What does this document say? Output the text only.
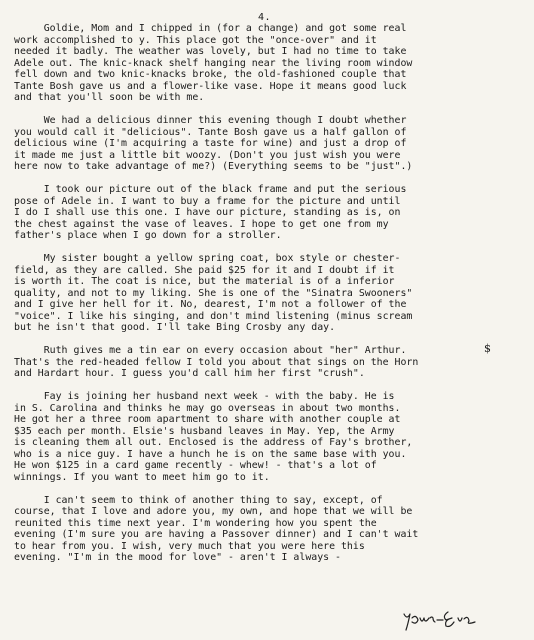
4.
Goldie, Mom and I chipped in (for a change) and got some real
work accomplished to y. This place got the "once-over" and it
needed it badly. The weather was lovely, but I had no time to take
Adele out. The knic-knack shelf hanging near the living room window
fell down and two knic-knacks broke, the old-fashioned couple that
Tante Bosh gave us and a flower-like vase. Hope it means good luck
and that you'll soon be with me.
We had a delicious dinner this evening though I doubt whether
you would call it "delicious". Tante Bosh gave us a half gallon of
delicious wine (I'm acquiring a taste for wine) and just a drop of
it made me just a little bit woozy. (Don't you just wish you were
here now to take advantage of me?) (Everything seems to be "just".)
I took our picture out of the black frame and put the serious
pose of Adele in. I want to buy a frame for the picture and until
I do I shall use this one. I have our picture, standing as is, on
the chest against the vase of leaves. I hope to get one from my
father's place when I go down for a stroller.
My sister bought a yellow spring coat, box style or chester-
field, as they are called. She paid $25 for it and I doubt if it
is worth it. The coat is nice, but the material is of a inferior
quality, and not to my liking. She is one of the "Sinatra Swooners"
and I give her hell for it. No, dearest, I'm not a follower of the
"voice". I like his singing, and don't mind listening (minus scream
but he isn't that good. I'll take Bing Crosby any day.
Ruth gives me a tin ear on every occasion about "her" Arthur.
That's the red-headed fellow I told you about that sings on the Horn
and Hardart hour. I guess you'd call him her first "crush".
Fay is joining her husband next week - with the baby. He is
in S. Carolina and thinks he may go overseas in about two months.
He got her a three room apartment to share with another couple at
$35 each per month. Elsie's husband leaves in May. Yep, the Army
is cleaning them all out. Enclosed is the address of Fay's brother,
who is a nice guy. I have a hunch he is on the same base with you.
He won $125 in a card game recently - whew! - that's a lot of
winnings. If you want to meet him go to it.
I can't seem to think of another thing to say, except, of
course, that I love and adore you, my own, and hope that we will be
reunited this time next year. I'm wondering how you spent the
evening (I'm sure you are having a Passover dinner) and I can't wait
to hear from you. I wish, very much that you were here this
evening. "I'm in the mood for love" - aren't I always -
$
